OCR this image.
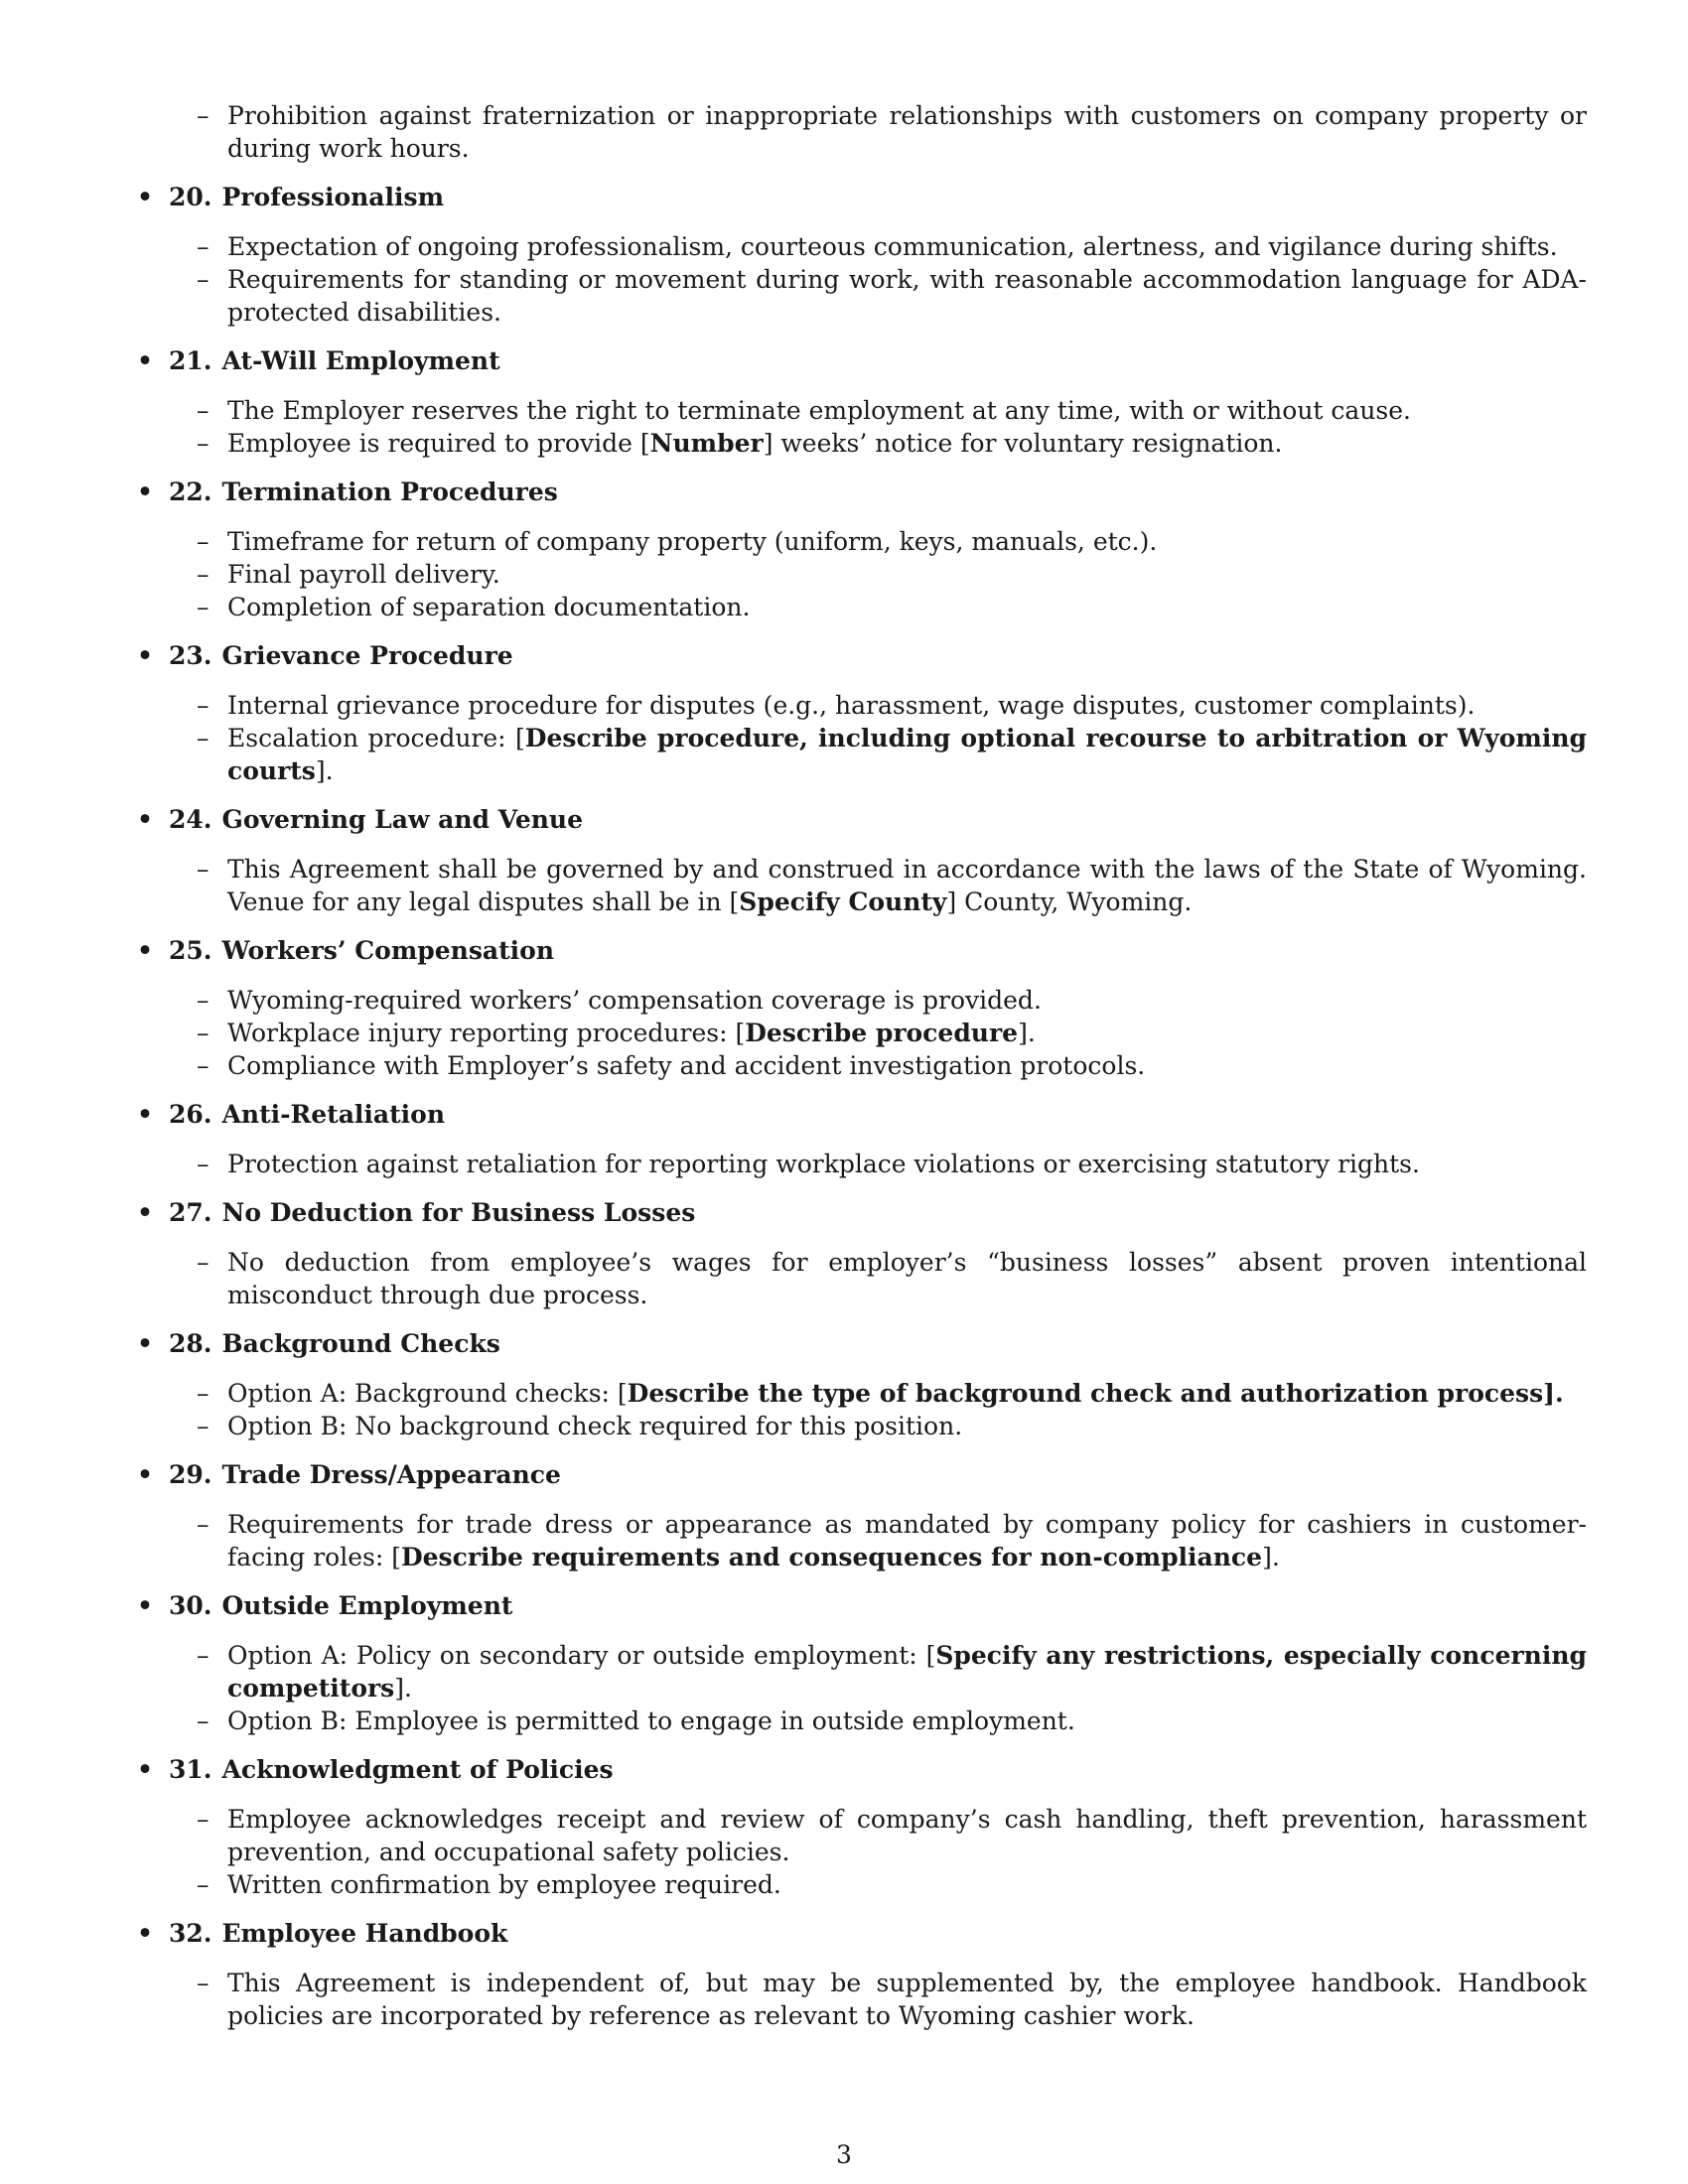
– Prohibition against fraternization or inappropriate relationships with customers on company property or during work hours.
• 20. Professionalism
– Expectation of ongoing professionalism, courteous communication, alertness, and vigilance during shifts.
– Requirements for standing or movement during work, with reasonable accommodation language for ADA-protected disabilities.
• 21. At-Will Employment
– The Employer reserves the right to terminate employment at any time, with or without cause.
– Employee is required to provide [Number] weeks’ notice for voluntary resignation.
• 22. Termination Procedures
– Timeframe for return of company property (uniform, keys, manuals, etc.).
– Final payroll delivery.
– Completion of separation documentation.
• 23. Grievance Procedure
– Internal grievance procedure for disputes (e.g., harassment, wage disputes, customer complaints).
– Escalation procedure: [Describe procedure, including optional recourse to arbitration or Wyoming courts].
• 24. Governing Law and Venue
– This Agreement shall be governed by and construed in accordance with the laws of the State of Wyoming. Venue for any legal disputes shall be in [Specify County] County, Wyoming.
• 25. Workers’ Compensation
– Wyoming-required workers’ compensation coverage is provided.
– Workplace injury reporting procedures: [Describe procedure].
– Compliance with Employer’s safety and accident investigation protocols.
• 26. Anti-Retaliation
– Protection against retaliation for reporting workplace violations or exercising statutory rights.
• 27. No Deduction for Business Losses
– No deduction from employee’s wages for employer’s “business losses” absent proven intentional misconduct through due process.
• 28. Background Checks
– Option A: Background checks: [Describe the type of background check and authorization process].
– Option B: No background check required for this position.
• 29. Trade Dress/Appearance
– Requirements for trade dress or appearance as mandated by company policy for cashiers in customer-facing roles: [Describe requirements and consequences for non-compliance].
• 30. Outside Employment
– Option A: Policy on secondary or outside employment: [Specify any restrictions, especially concerning competitors].
– Option B: Employee is permitted to engage in outside employment.
• 31. Acknowledgment of Policies
– Employee acknowledges receipt and review of company’s cash handling, theft prevention, harassment prevention, and occupational safety policies.
– Written confirmation by employee required.
• 32. Employee Handbook
– This Agreement is independent of, but may be supplemented by, the employee handbook. Handbook policies are incorporated by reference as relevant to Wyoming cashier work.
3
